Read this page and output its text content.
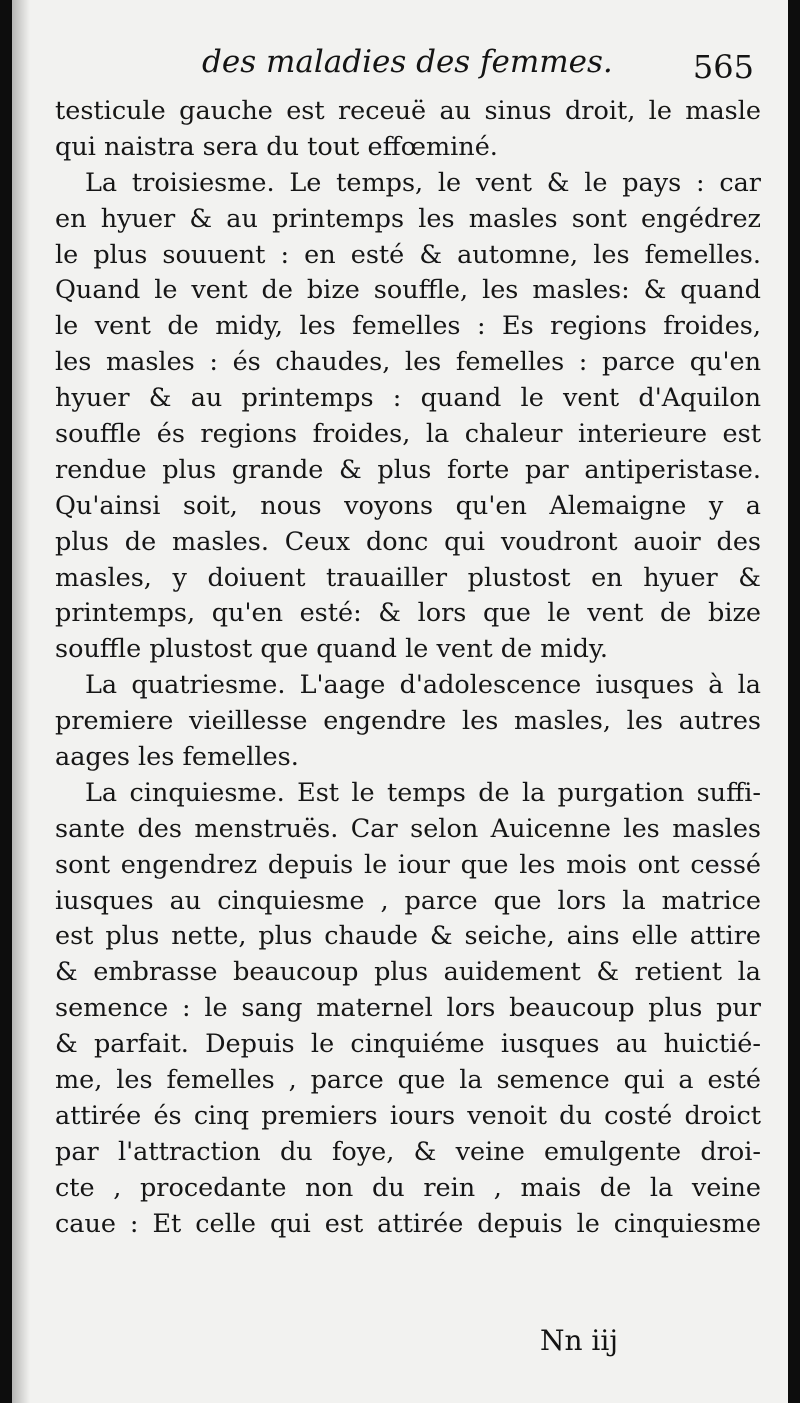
des maladies des femmes.	565
testicule gauche est receuë au sinus droit, le masle
qui naistra sera du tout effœminé.
La troisiesme. Le temps, le vent & le pays : car
en hyuer & au printemps les masles sont engédrez
le plus souuent : en esté & automne, les femelles.
Quand le vent de bize souffle, les masles: & quand
le vent de midy, les femelles : Es regions froides,
les masles : és chaudes, les femelles : parce qu'en
hyuer & au printemps : quand le vent d'Aquilon
souffle és regions froides, la chaleur interieure est
rendue plus grande & plus forte par antiperistase.
Qu'ainsi soit, nous voyons qu'en Alemaigne y a
plus de masles. Ceux donc qui voudront auoir des
masles, y doiuent trauailler plustost en hyuer &
printemps, qu'en esté: & lors que le vent de bize
souffle plustost que quand le vent de midy.
La quatriesme. L'aage d'adolescence iusques à la
premiere vieillesse engendre les masles, les autres
aages les femelles.
La cinquiesme. Est le temps de la purgation suffi-
sante des menstruës. Car selon Auicenne les masles
sont engendrez depuis le iour que les mois ont cessé
iusques au cinquiesme , parce que lors la matrice
est plus nette, plus chaude & seiche, ains elle attire
& embrasse beaucoup plus auidement & retient la
semence : le sang maternel lors beaucoup plus pur
& parfait. Depuis le cinquiéme iusques au huictié-
me, les femelles , parce que la semence qui a esté
attirée és cinq premiers iours venoit du costé droict
par l'attraction du foye, & veine emulgente droi-
cte , procedante non du rein , mais de la veine
caue : Et celle qui est attirée depuis le cinquiesme
Nn iij
